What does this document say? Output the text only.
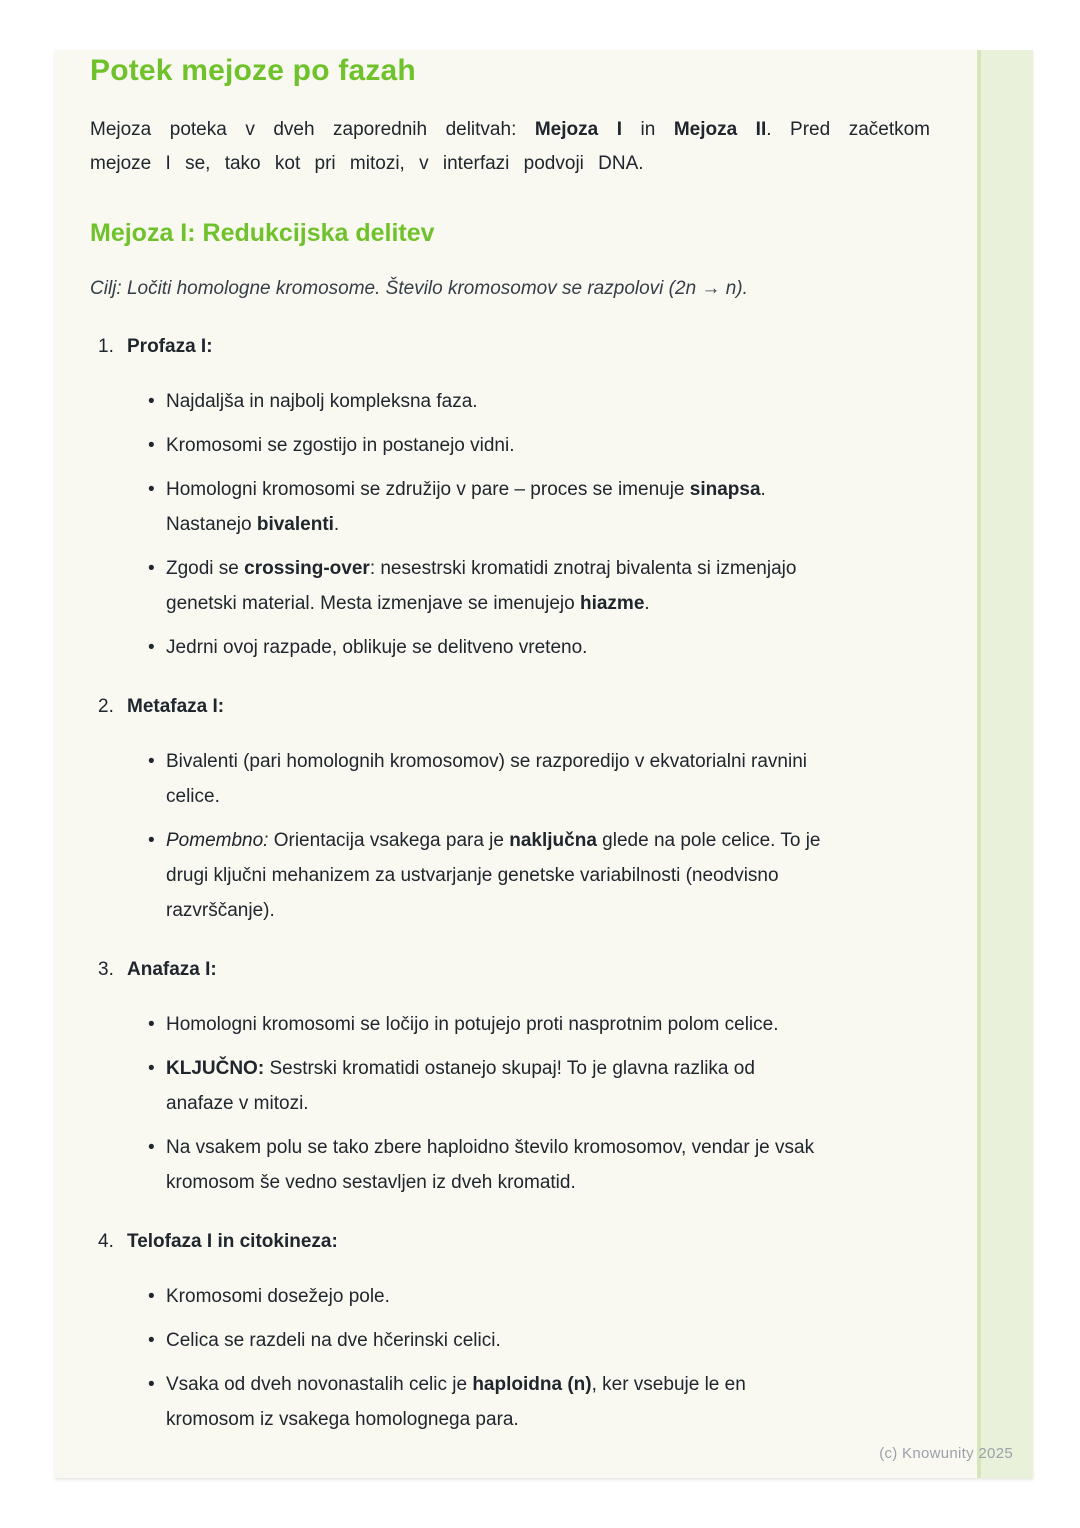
Potek mejoze po fazah

Mejoza poteka v dveh zaporednih delitvah: Mejoza I in Mejoza II. Pred začetkom mejoze I se, tako kot pri mitozi, v interfazi podvoji DNA.

Mejoza I: Redukcijska delitev

Cilj: Ločiti homologne kromosome. Število kromosomov se razpolovi (2n → n).

1. Profaza I:
• Najdaljša in najbolj kompleksna faza.
• Kromosomi se zgostijo in postanejo vidni.
• Homologni kromosomi se združijo v pare – proces se imenuje sinapsa. Nastanejo bivalenti.
• Zgodi se crossing-over: nesestrski kromatidi znotraj bivalenta si izmenjajo genetski material. Mesta izmenjave se imenujejo hiazme.
• Jedrni ovoj razpade, oblikuje se delitveno vreteno.
2. Metafaza I:
• Bivalenti (pari homolognih kromosomov) se razporedijo v ekvatorialni ravnini celice.
• Pomembno: Orientacija vsakega para je naključna glede na pole celice. To je drugi ključni mehanizem za ustvarjanje genetske variabilnosti (neodvisno razvrščanje).
3. Anafaza I:
• Homologni kromosomi se ločijo in potujejo proti nasprotnim polom celice.
• KLJUČNO: Sestrski kromatidi ostanejo skupaj! To je glavna razlika od anafaze v mitozi.
• Na vsakem polu se tako zbere haploidno število kromosomov, vendar je vsak kromosom še vedno sestavljen iz dveh kromatid.
4. Telofaza I in citokineza:
• Kromosomi dosežejo pole.
• Celica se razdeli na dve hčerinski celici.
• Vsaka od dveh novonastalih celic je haploidna (n), ker vsebuje le en kromosom iz vsakega homolognega para.
(c) Knowunity 2025
